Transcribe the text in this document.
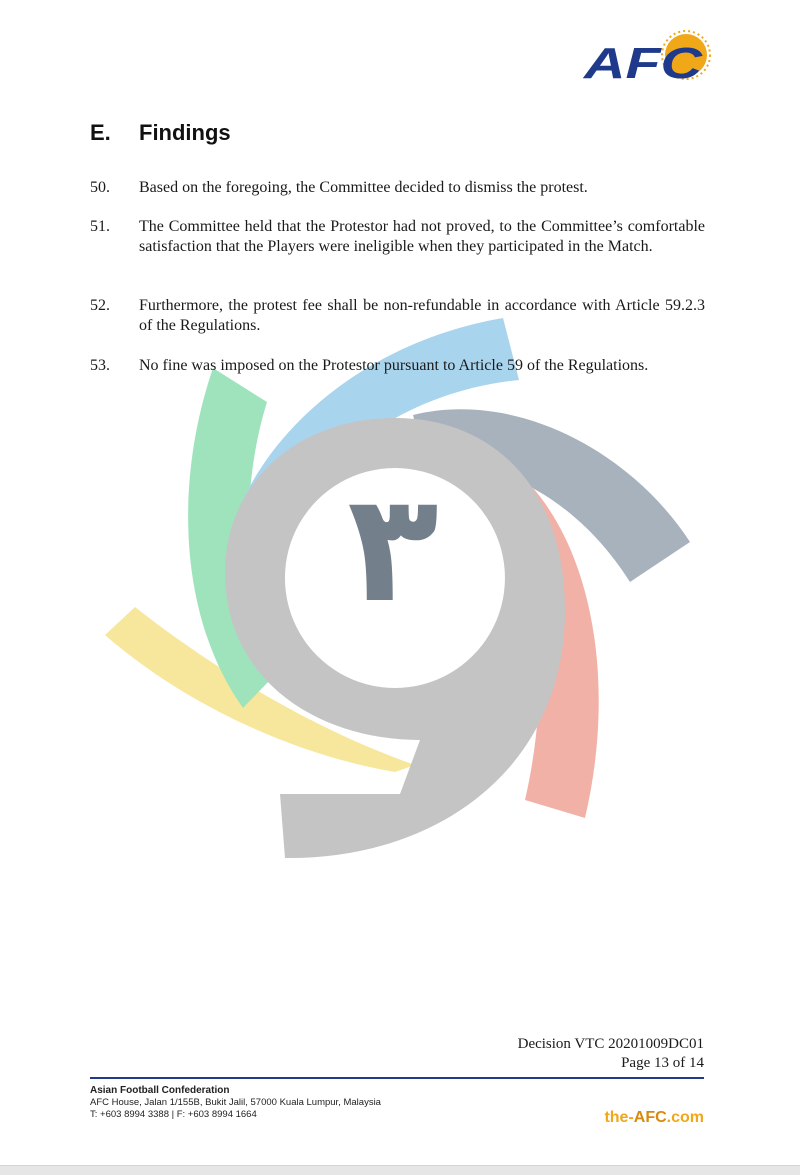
٣
AFC
E. Findings
50. Based on the foregoing, the Committee decided to dismiss the protest.
51. The Committee held that the Protestor had not proved, to the Committee’s comfortable satisfaction that the Players were ineligible when they participated in the Match.
52. Furthermore, the protest fee shall be non-refundable in accordance with Article 59.2.3 of the Regulations.
53. No fine was imposed on the Protestor pursuant to Article 59 of the Regulations.
Decision VTC 20201009DC01
Page 13 of 14
Asian Football Confederation
AFC House, Jalan 1/155B, Bukit Jalil, 57000 Kuala Lumpur, Malaysia
T: +603 8994 3388 | F: +603 8994 1664	the-AFC.com
